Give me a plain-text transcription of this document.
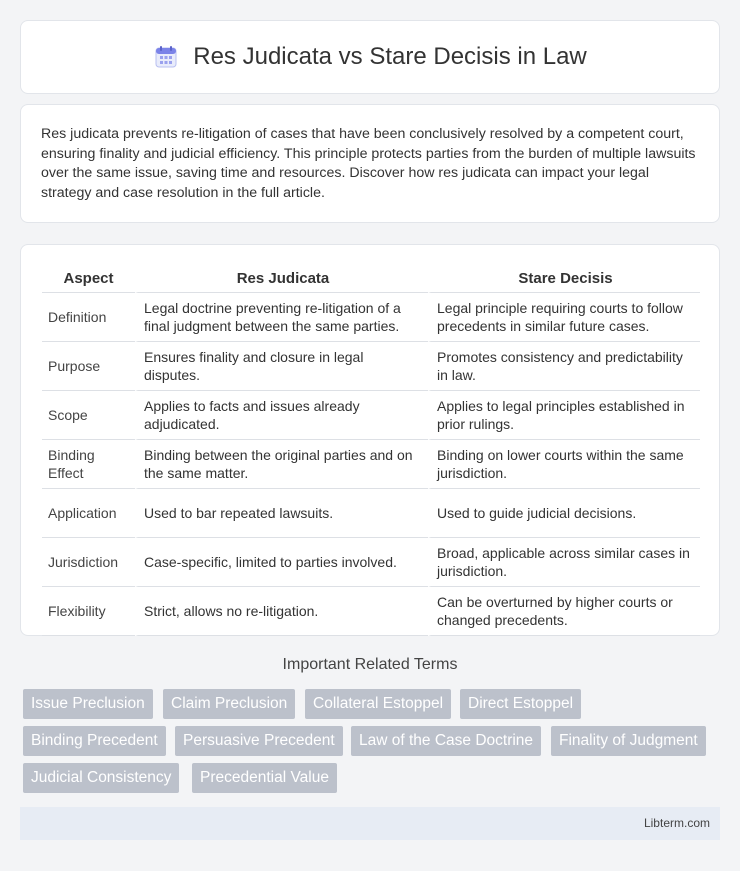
Res Judicata vs Stare Decisis in Law

Res judicata prevents re-litigation of cases that have been conclusively resolved by a competent court, ensuring finality and judicial efficiency. This principle protects parties from the burden of multiple lawsuits over the same issue, saving time and resources. Discover how res judicata can impact your legal strategy and case resolution in the full article.

Aspect	Res Judicata	Stare Decisis
Definition	Legal doctrine preventing re-litigation of a final judgment between the same parties.	Legal principle requiring courts to follow precedents in similar future cases.
Purpose	Ensures finality and closure in legal disputes.	Promotes consistency and predictability in law.
Scope	Applies to facts and issues already adjudicated.	Applies to legal principles established in prior rulings.
Binding Effect	Binding between the original parties and on the same matter.	Binding on lower courts within the same jurisdiction.
Application	Used to bar repeated lawsuits.	Used to guide judicial decisions.
Jurisdiction	Case-specific, limited to parties involved.	Broad, applicable across similar cases in jurisdiction.
Flexibility	Strict, allows no re-litigation.	Can be overturned by higher courts or changed precedents.
Important Related Terms
Issue Preclusion	Claim Preclusion	Collateral Estoppel	Direct Estoppel
Binding Precedent	Persuasive Precedent	Law of the Case Doctrine	Finality of Judgment
Judicial Consistency	Precedential Value
Libterm.com
